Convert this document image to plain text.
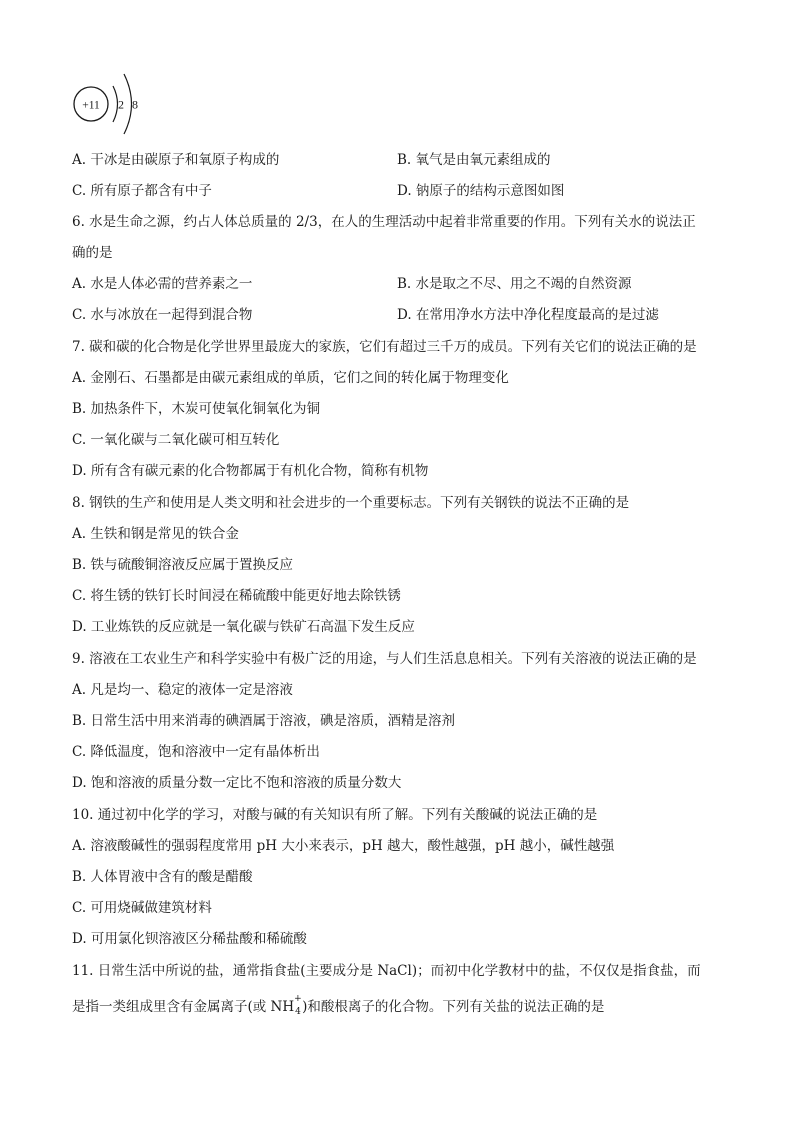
+11 2 8
A. 干冰是由碳原子和氧原子构成的	B. 氧气是由氧元素组成的
C. 所有原子都含有中子	D. 钠原子的结构示意图如图
6. 水是生命之源，约占人体总质量的 2/3，在人的生理活动中起着非常重要的作用。下列有关水的说法正
确的是
A. 水是人体必需的营养素之一	B. 水是取之不尽、用之不竭的自然资源
C. 水与冰放在一起得到混合物	D. 在常用净水方法中净化程度最高的是过滤
7. 碳和碳的化合物是化学世界里最庞大的家族，它们有超过三千万的成员。下列有关它们的说法正确的是
A. 金刚石、石墨都是由碳元素组成的单质，它们之间的转化属于物理变化
B. 加热条件下，木炭可使氧化铜氧化为铜
C. 一氧化碳与二氧化碳可相互转化
D. 所有含有碳元素的化合物都属于有机化合物，简称有机物
8. 钢铁的生产和使用是人类文明和社会进步的一个重要标志。下列有关钢铁的说法不正确的是
A. 生铁和钢是常见的铁合金
B. 铁与硫酸铜溶液反应属于置换反应
C. 将生锈的铁钉长时间浸在稀硫酸中能更好地去除铁锈
D. 工业炼铁的反应就是一氧化碳与铁矿石高温下发生反应
9. 溶液在工农业生产和科学实验中有极广泛的用途，与人们生活息息相关。下列有关溶液的说法正确的是
A. 凡是均一、稳定的液体一定是溶液
B. 日常生活中用来消毒的碘酒属于溶液，碘是溶质，酒精是溶剂
C. 降低温度，饱和溶液中一定有晶体析出
D. 饱和溶液的质量分数一定比不饱和溶液的质量分数大
10. 通过初中化学的学习，对酸与碱的有关知识有所了解。下列有关酸碱的说法正确的是
A. 溶液酸碱性的强弱程度常用 pH 大小来表示，pH 越大，酸性越强，pH 越小，碱性越强
B. 人体胃液中含有的酸是醋酸
C. 可用烧碱做建筑材料
D. 可用氯化钡溶液区分稀盐酸和稀硫酸
11. 日常生活中所说的盐，通常指食盐(主要成分是 NaCl)；而初中化学教材中的盐，不仅仅是指食盐，而
是指一类组成里含有金属离子(或 NH
+
4 )和酸根离子的化合物。下列有关盐的说法正确的是
